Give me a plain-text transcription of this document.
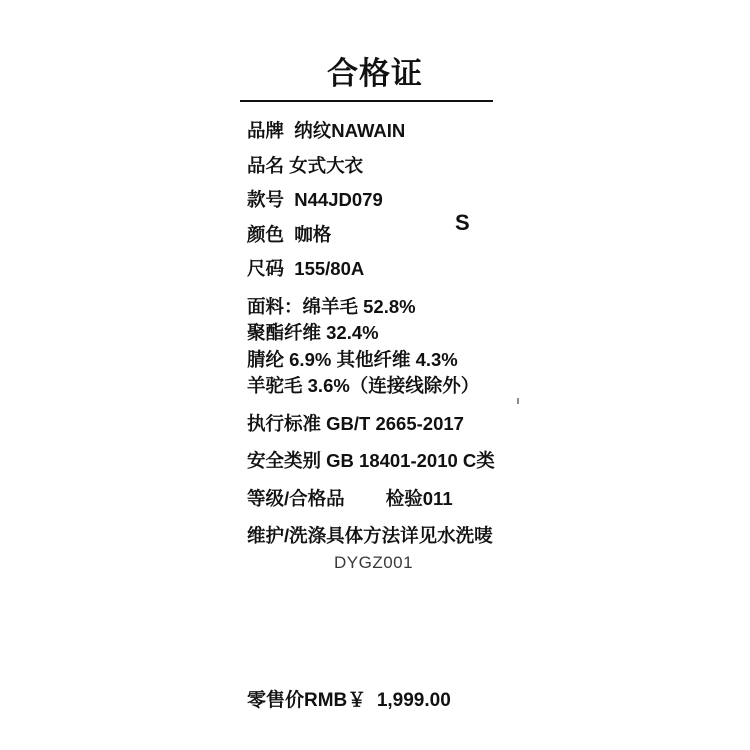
合格证
S
品牌  纳纹NAWAIN
品名 女式大衣
款号  N44JD079
颜色  咖格
尺码  155/80A
面料：绵羊毛 52.8%
聚酯纤维 32.4%
腈纶 6.9% 其他纤维 4.3%
羊驼毛 3.6%（连接线除外）
执行标准 GB/T 2665-2017
安全类别 GB 18401-2010 C类
等级/合格品        检验011
维护/洗涤具体方法详见水洗唛
DYGZ001
零售价RMB￥  1,999.00
